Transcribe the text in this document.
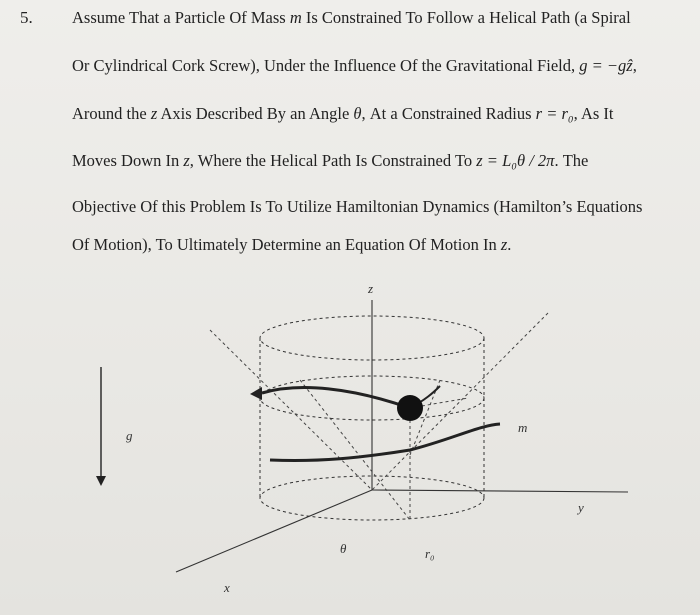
5. Assume That a Particle Of Mass m Is Constrained To Follow a Helical Path (a Spiral
Or Cylindrical Cork Screw), Under the Influence Of the Gravitational Field, g = −gẑ,
Around the z Axis Described By an Angle θ, At a Constrained Radius r = r₀, As It
Moves Down In z, Where the Helical Path Is Constrained To z = L₀θ / 2π. The
Objective Of this Problem Is To Utilize Hamiltonian Dynamics (Hamilton’s Equations
Of Motion), To Ultimately Determine an Equation Of Motion In z.
g
z
y
x
m
θ	r₀
